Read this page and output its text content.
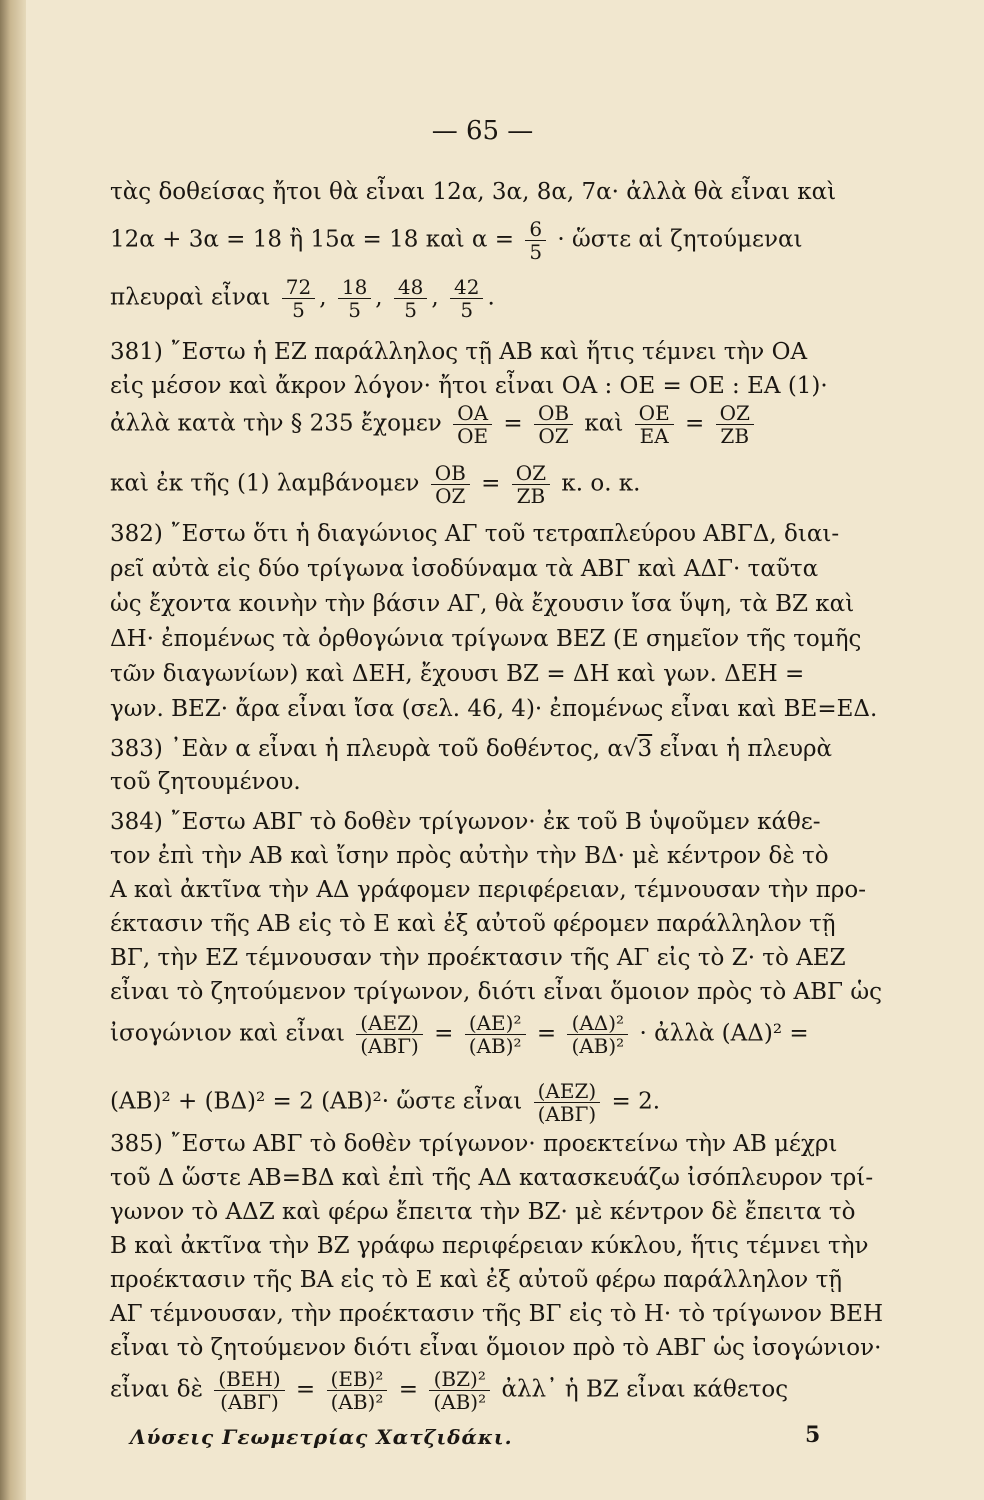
— 65 —
τὰς δοθείσας ἤτοι θὰ εἶναι 12α, 3α, 8α, 7α· ἀλλὰ θὰ εἶναι καὶ
12α + 3α = 18 ἢ 15α = 18 καὶ $\alpha = \frac{6}{5}$ · ὥστε αἱ ζητούμεναι
πλευραὶ εἶναι $\frac{72}{5}$ , $\frac{18}{5}$ , $\frac{48}{5}$ , $\frac{42}{5}$ .
381) ῎Εστω ἡ ΕΖ παράλληλος τῇ ΑΒ καὶ ἥτις τέμνει τὴν ΟΑ
εἰς μέσον καὶ ἄκρον λόγον· ἤτοι εἶναι ΟΑ : ΟΕ = ΟΕ : ΕΑ (1)·
ἀλλὰ κατὰ τὴν § 235 ἔχομεν $\frac{OA}{OE} = \frac{OB}{OZ}$ καὶ $\frac{OE}{EA} = \frac{OZ}{ZB}$
καὶ ἐκ τῆς (1) λαμβάνομεν $\frac{OB}{OZ} = \frac{OZ}{ZB} \kappa$. ο. κ.
382) ῎Εστω ὅτι ἡ διαγώνιος ΑΓ τοῦ τετραπλεύρου ΑΒΓΔ, διαι-
ρεῖ αὐτὰ εἰς δύο τρίγωνα ἰσοδύναμα τὰ ΑΒΓ καὶ ΑΔΓ· ταῦτα
ὡς ἔχοντα κοινὴν τὴν βάσιν ΑΓ, θὰ ἔχουσιν ἴσα ὕψη, τὰ ΒΖ καὶ
ΔΗ· ἐπομένως τὰ ὀρθογώνια τρίγωνα ΒΕΖ (Ε σημεῖον τῆς τομῆς
τῶν διαγωνίων) καὶ ΔΕΗ, ἔχουσι ΒΖ = ΔΗ καὶ γων. ΔΕΗ =
γων. ΒΕΖ· ἄρα εἶναι ἴσα (σελ. 46, 4)· ἐπομένως εἶναι καὶ ΒΕ=ΕΔ.
383) ᾿Εὰν α εἶναι ἡ πλευρὰ τοῦ δοθέντος, α√3 εἶναι ἡ πλευρὰ
τοῦ ζητουμένου.
384) ῎Εστω ΑΒΓ τὸ δοθὲν τρίγωνον· ἐκ τοῦ Β ὑψοῦμεν κάθε-
τον ἐπὶ τὴν ΑΒ καὶ ἴσην πρὸς αὐτὴν τὴν ΒΔ· μὲ κέντρον δὲ τὸ
Α καὶ ἀκτῖνα τὴν ΑΔ γράφομεν περιφέρειαν, τέμνουσαν τὴν προ-
έκτασιν τῆς ΑΒ εἰς τὸ Ε καὶ ἐξ αὐτοῦ φέρομεν παράλληλον τῇ
ΒΓ, τὴν ΕΖ τέμνουσαν τὴν προέκτασιν τῆς ΑΓ εἰς τὸ Ζ· τὸ ΑΕΖ
εἶναι τὸ ζητούμενον τρίγωνον, διότι εἶναι ὅμοιον πρὸς τὸ ΑΒΓ ὡς
ἰσογώνιον καὶ εἶναι $\frac{\text{(ΑΕΖ)}}{\text{(ΑΒΓ)}} = \frac{\text{(ΑΕ)²}}{\text{(ΑΒ)²}} = \frac{\text{(ΑΔ)²}}{\text{(ΑΒ)²}}$ · ἀλλὰ (ΑΔ)² =
(ΑΒ)² + (ΒΔ)² = 2 (ΑΒ)²· ὥστε εἶναι $\frac{\text{(ΑΕΖ)}}{\text{(ΑΒΓ)}} = 2$.
385) ῎Εστω ΑΒΓ τὸ δοθὲν τρίγωνον· προεκτείνω τὴν ΑΒ μέχρι
τοῦ Δ ὥστε ΑΒ=ΒΔ καὶ ἐπὶ τῆς ΑΔ κατασκευάζω ἰσόπλευρον τρί-
γωνον τὸ ΑΔΖ καὶ φέρω ἔπειτα τὴν ΒΖ· μὲ κέντρον δὲ ἔπειτα τὸ
Β καὶ ἀκτῖνα τὴν ΒΖ γράφω περιφέρειαν κύκλου, ἥτις τέμνει τὴν
προέκτασιν τῆς ΒΑ εἰς τὸ Ε καὶ ἐξ αὐτοῦ φέρω παράλληλον τῇ
ΑΓ τέμνουσαν, τὴν προέκτασιν τῆς ΒΓ εἰς τὸ Η· τὸ τρίγωνον ΒΕΗ
εἶναι τὸ ζητούμενον διότι εἶναι ὅμοιον πρὸ τὸ ΑΒΓ ὡς ἰσογώνιον·
εἶναι δὲ $\frac{\text{(ΒΕΗ)}}{\text{(ΑΒΓ)}} = \frac{\text{(ΕΒ)²}}{\text{(ΑΒ)²}} = \frac{\text{(ΒΖ)²}}{\text{(ΑΒ)²}}$ ἀλλ᾿ ἡ ΒΖ εἶναι κάθετος
Λύσεις Γεωμετρίας Χατζιδάκι.	5
